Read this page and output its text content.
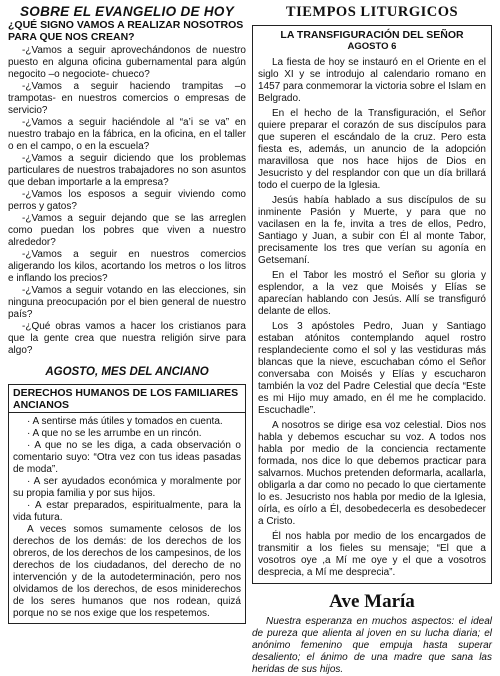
SOBRE EL EVANGELIO DE HOY

¿QUÉ SIGNO VAMOS A REALIZAR NOSOTROS PARA QUE NOS CREAN?

-¿Vamos a seguir aprovechándonos de nuestro puesto en alguna oficina gubernamental para algún negocito –o negociote- chueco?

-¿Vamos a seguir haciendo trampitas –o trampotas- en nuestros comercios o empresas de servicio?

-¿Vamos a seguir haciéndole al “a’i se va” en nuestro trabajo en la fábrica, en la oficina, en el taller o en el campo, o en la escuela?

-¿Vamos a seguir diciendo que los problemas particulares de nuestros trabajadores no son asuntos que deban importarle a la empresa?

-¿Vamos los esposos a seguir viviendo como perros y gatos?

-¿Vamos a seguir dejando que se las arreglen como puedan los pobres que viven a nuestro alrededor?

-¿Vamos a seguir en nuestros comercios aligerando los kilos, acortando los metros o los litros e inflando los precios?

-¿Vamos a seguir votando en las elecciones, sin ninguna preocupación por el bien general de nuestro país?

-¿Qué obras vamos a hacer los cristianos para que la gente crea que nuestra religión sirve para algo?

AGOSTO, MES DEL ANCIANO
DERECHOS HUMANOS DE LOS FAMILIARES ANCIANOS

· A sentirse más útiles y tomados en cuenta.

· A que no se les arrumbe en un rincón.

· A que no se les diga, a cada observación o comentario suyo: “Otra vez con tus ideas pasadas de moda”.

· A ser ayudados económica y moralmente por su propia familia y por sus hijos.

· A estar preparados, espiritualmente, para la vida futura.

A veces somos sumamente celosos de los derechos de los demás: de los derechos de los obreros, de los derechos de los campesinos, de los derechos de los ciudadanos, del derecho de no intervención y de la autodeterminación, pero nos olvidamos de los derechos, de esos miniderechos de los seres humanos que nos rodean, quizá porque no se nos exige que los respetemos.

TIEMPOS LITURGICOS

LA TRANSFIGURACIÓN DEL SEÑOR

AGOSTO 6

La fiesta de hoy se instauró en el Oriente en el siglo XI y se introdujo al calendario romano en 1457 para conmemorar la victoria sobre el Islam en Belgrado.

En el hecho de la Transfiguración, el Señor quiere preparar el corazón de sus discípulos para que superen el escándalo de la cruz. Pero esta fiesta es, además, un anuncio de la adopción maravillosa que nos hace hijos de Dios en Jesucristo y del resplandor con que un día brillará todo el cuerpo de la Iglesia.

Jesús había hablado a sus discípulos de su inminente Pasión y Muerte, y para que no vacilasen en la fe, invita a tres de ellos, Pedro, Santiago y Juan, a subir con Él al monte Tabor, precisamente los tres que verían su agonía en Getsemaní.

En el Tabor les mostró el Señor su gloria y esplendor, a la vez que Moisés y Elías se aparecían hablando con Jesús. Allí se transfiguró delante de ellos.

Los 3 apóstoles Pedro, Juan y Santiago estaban atónitos contemplando aquel rostro resplandeciente como el sol y las vestiduras más blancas que la nieve, escuchaban cómo el Señor conversaba con Moisés y Elías y escucharon también la voz del Padre Celestial que decía “Este es mi Hijo muy amado, en él me he complacido. Escuchadle”.

A nosotros se dirige esa voz celestial. Dios nos habla y debemos escuchar su voz. A todos nos habla por medio de la conciencia rectamente formada, nos dice lo que debemos practicar para salvarnos. Muchos pretenden deformarla, acallarla, obligarla a dar como no pecado lo que ciertamente lo es. Jesucristo nos habla por medio de la Iglesia, oírla, es oírlo a Él, desobedecerla es desobedecer a Cristo.

Él nos habla por medio de los encargados de transmitir a los fieles su mensaje; “El que a vosotros oye ,a Mí me oye y el que a vosotros desprecia, a Mí me desprecia”.

Ave María

Nuestra esperanza en muchos aspectos: el ideal de pureza que alienta al joven en su lucha diaria; el anónimo femenino que empuja hasta superar desaliento; el ánimo de una madre que sana las heridas de sus hijos.
